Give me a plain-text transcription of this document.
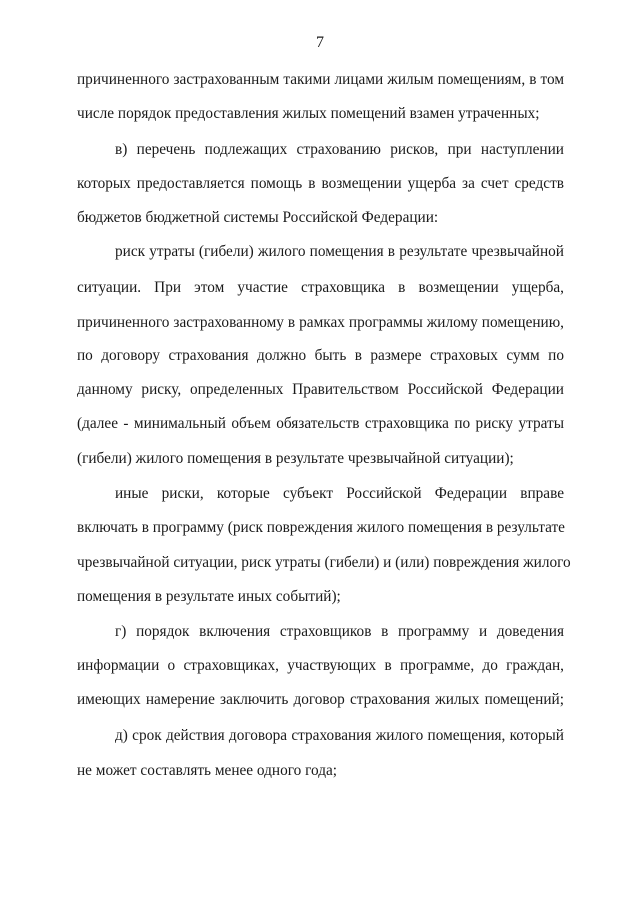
7
причиненного застрахованным такими лицами жилым помещениям, в том
числе порядок предоставления жилых помещений взамен утраченных;
в) перечень подлежащих страхованию рисков, при наступлении
которых предоставляется помощь в возмещении ущерба за счет средств
бюджетов бюджетной системы Российской Федерации:
риск утраты (гибели) жилого помещения в результате чрезвычайной
ситуации. При этом участие страховщика в возмещении ущерба,
причиненного застрахованному в рамках программы жилому помещению,
по договору страхования должно быть в размере страховых сумм по
данному риску, определенных Правительством Российской Федерации
(далее - минимальный объем обязательств страховщика по риску утраты
(гибели) жилого помещения в результате чрезвычайной ситуации);
иные риски, которые субъект Российской Федерации вправе
включать в программу (риск повреждения жилого помещения в результате
чрезвычайной ситуации, риск утраты (гибели) и (или) повреждения жилого
помещения в результате иных событий);
г) порядок включения страховщиков в программу и доведения
информации о страховщиках, участвующих в программе, до граждан,
имеющих намерение заключить договор страхования жилых помещений;
д) срок действия договора страхования жилого помещения, который
не может составлять менее одного года;
